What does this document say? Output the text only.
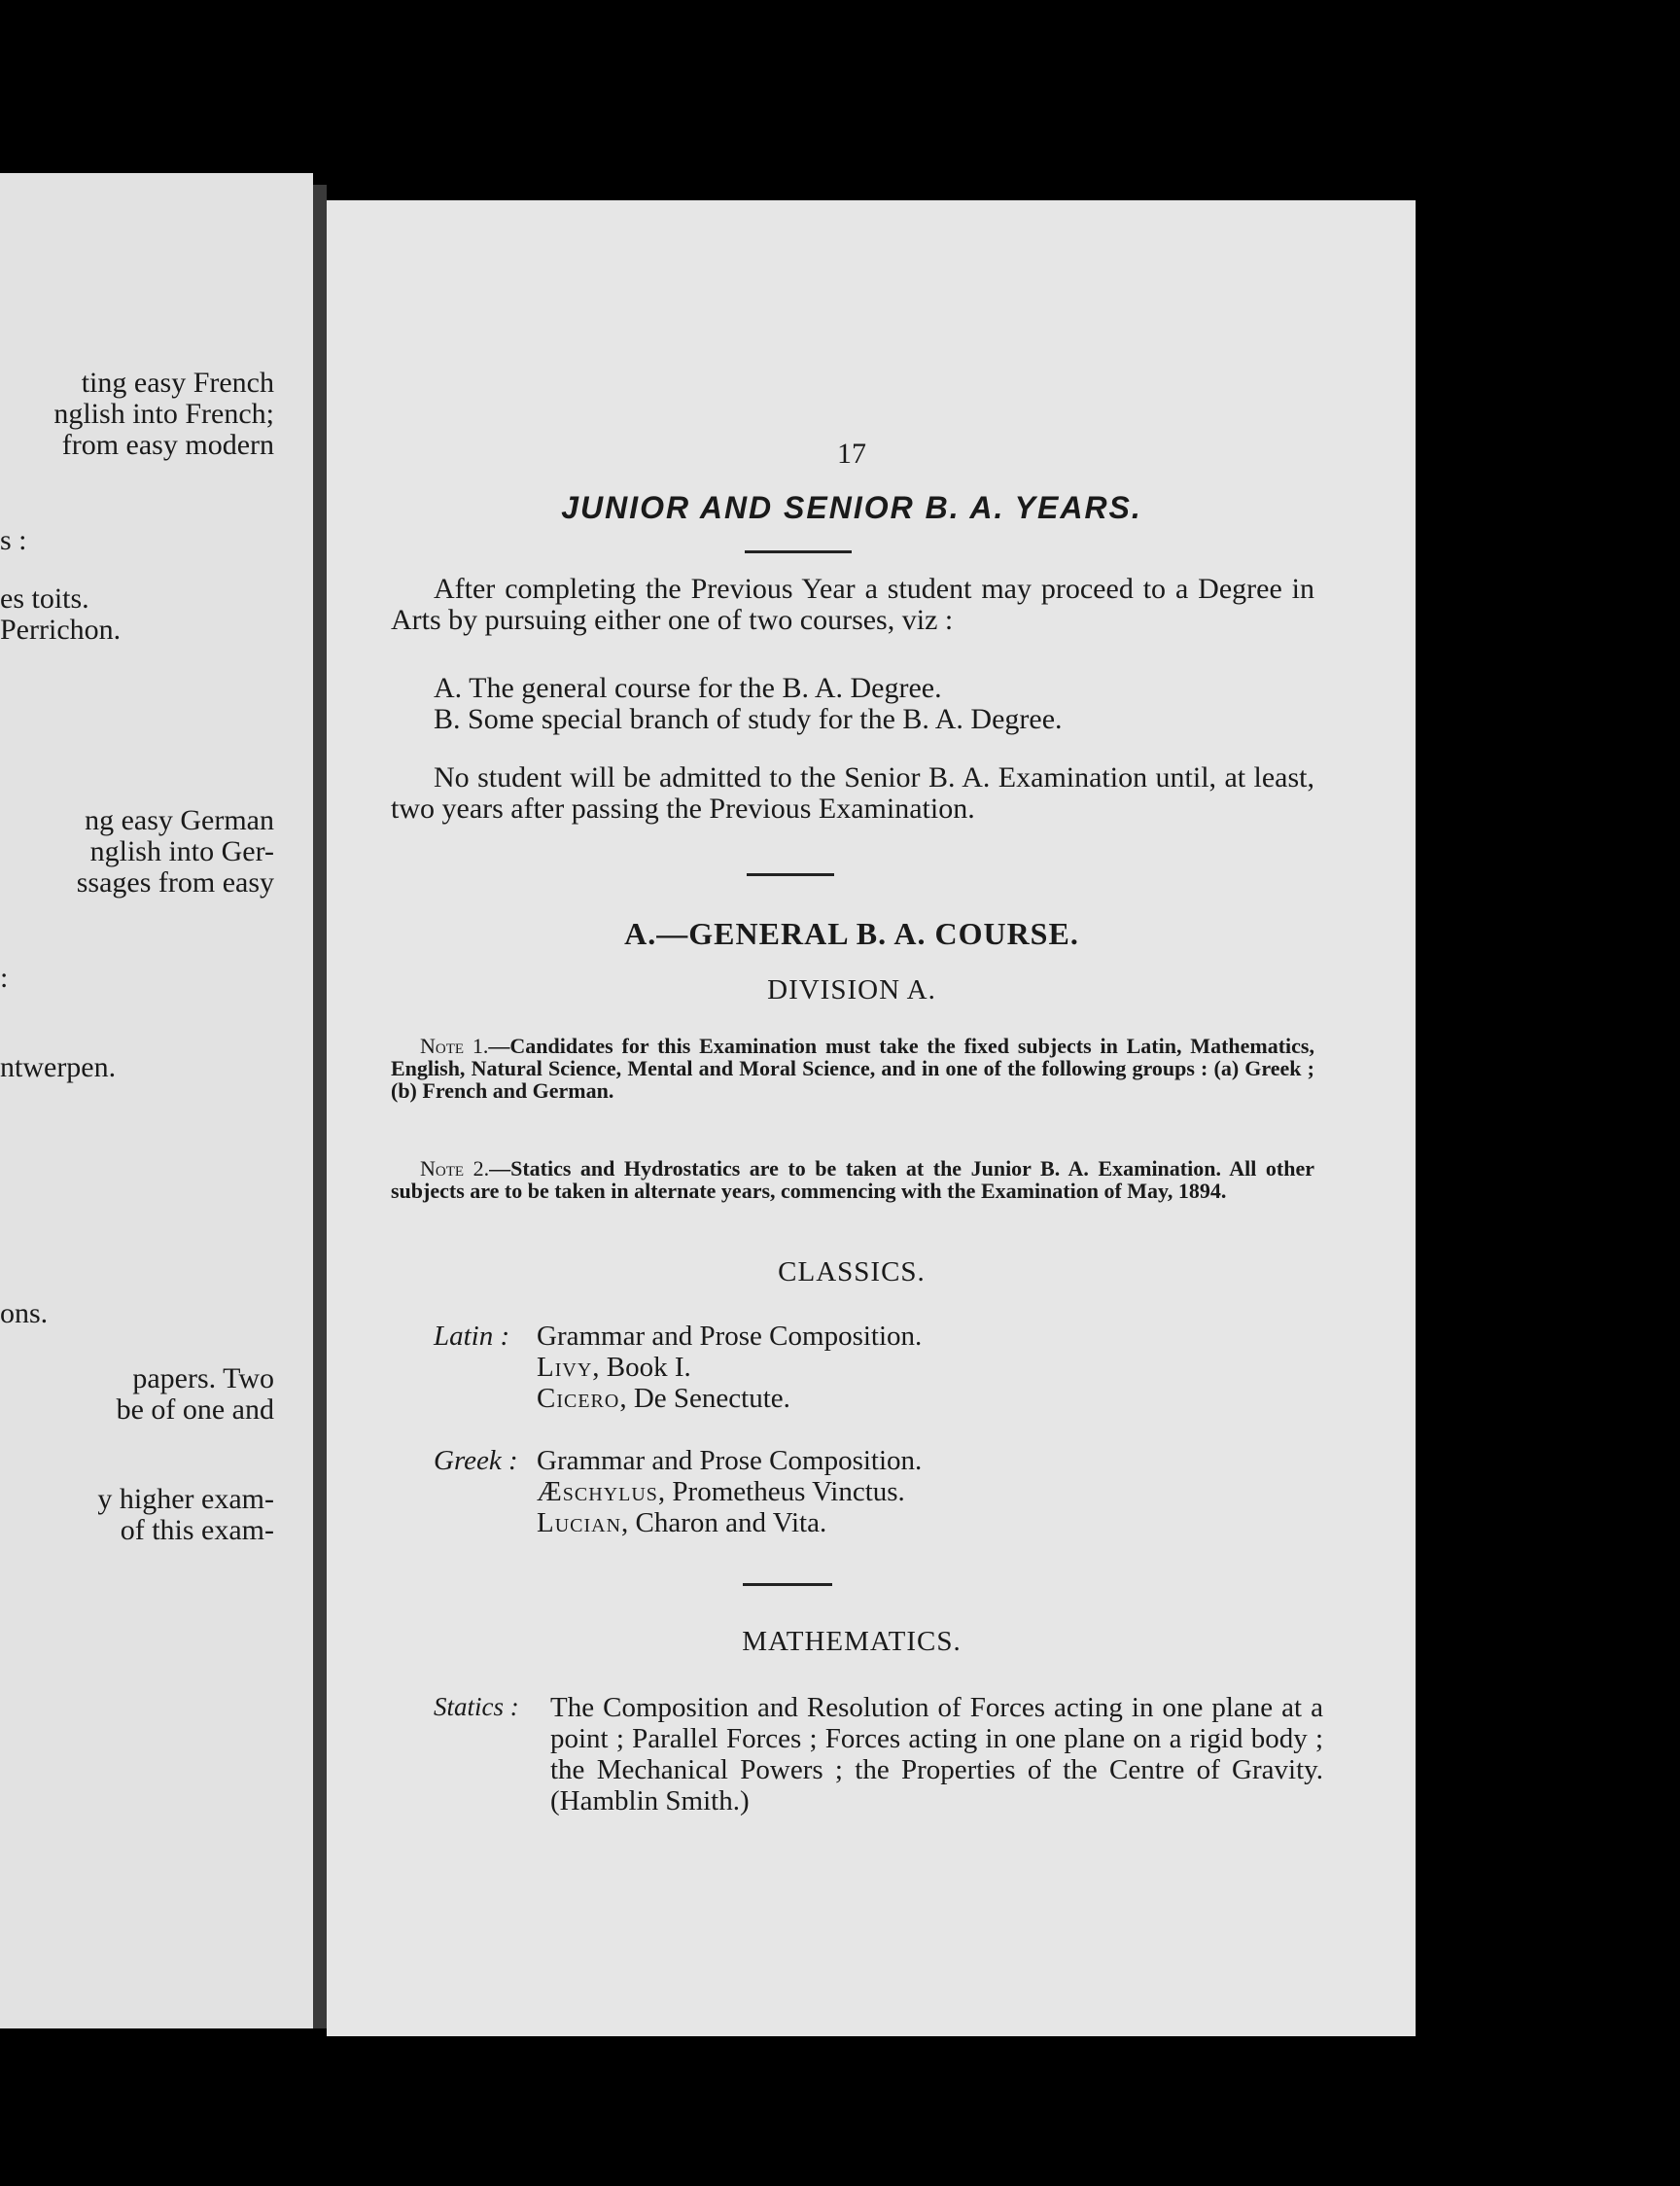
ting easy French
nglish into French;
from easy modern
s :
es toits.
Perrichon.
ng easy German
nglish into Ger-
ssages from easy
:
ntwerpen.
ons.
papers. Two
be of one and
y higher exam-
of this exam-
17
JUNIOR AND SENIOR B. A. YEARS.
After completing the Previous Year a student may proceed to a Degree in Arts by pursuing either one of two courses, viz :
A. The general course for the B. A. Degree.
B. Some special branch of study for the B. A. Degree.
No student will be admitted to the Senior B. A. Examination until, at least, two years after passing the Previous Examination.
A.—GENERAL B. A. COURSE.
DIVISION A.
Note 1.—Candidates for this Examination must take the fixed subjects in Latin, Mathematics, English, Natural Science, Mental and Moral Science, and in one of the following groups : (a) Greek ; (b) French and German.
Note 2.—Statics and Hydrostatics are to be taken at the Junior B. A. Examination. All other subjects are to be taken in alternate years, commencing with the Examination of May, 1894.
CLASSICS.
Latin : Grammar and Prose Composition.
Livy, Book I.
Cicero, De Senectute.
Greek : Grammar and Prose Composition.
Æschylus, Prometheus Vinctus.
Lucian, Charon and Vita.
MATHEMATICS.
Statics : The Composition and Resolution of Forces acting in one plane at a point ; Parallel Forces ; Forces acting in one plane on a rigid body ; the Mechanical Powers ; the Properties of the Centre of Gravity. (Hamblin Smith.)
